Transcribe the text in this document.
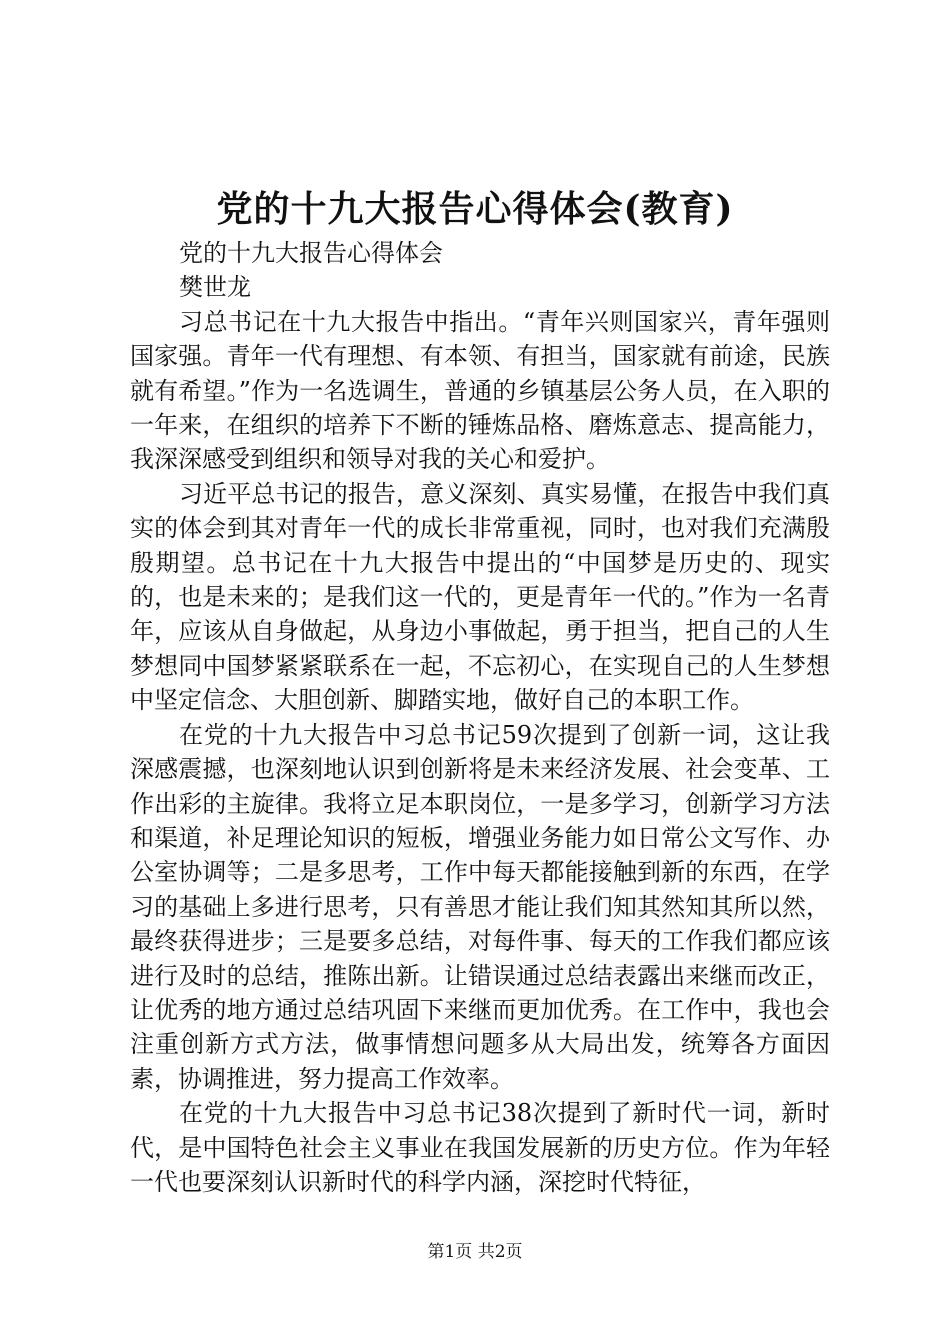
党的十九大报告心得体会(教育)

党的十九大报告心得体会

樊世龙

习总书记在十九大报告中指出。“青年兴则国家兴，青年强则国家强。青年一代有理想、有本领、有担当，国家就有前途，民族就有希望。”作为一名选调生，普通的乡镇基层公务人员，在入职的一年来，在组织的培养下不断的锤炼品格、磨炼意志、提高能力，我深深感受到组织和领导对我的关心和爱护。

习近平总书记的报告，意义深刻、真实易懂，在报告中我们真实的体会到其对青年一代的成长非常重视，同时，也对我们充满殷殷期望。总书记在十九大报告中提出的“中国梦是历史的、现实的，也是未来的；是我们这一代的，更是青年一代的。”作为一名青年，应该从自身做起，从身边小事做起，勇于担当，把自己的人生梦想同中国梦紧紧联系在一起，不忘初心，在实现自己的人生梦想中坚定信念、大胆创新、脚踏实地，做好自己的本职工作。

在党的十九大报告中习总书记59次提到了创新一词，这让我深感震撼，也深刻地认识到创新将是未来经济发展、社会变革、工作出彩的主旋律。我将立足本职岗位，一是多学习，创新学习方法和渠道，补足理论知识的短板，增强业务能力如日常公文写作、办公室协调等；二是多思考，工作中每天都能接触到新的东西，在学习的基础上多进行思考，只有善思才能让我们知其然知其所以然，最终获得进步；三是要多总结，对每件事、每天的工作我们都应该进行及时的总结，推陈出新。让错误通过总结表露出来继而改正，让优秀的地方通过总结巩固下来继而更加优秀。在工作中，我也会注重创新方式方法，做事情想问题多从大局出发，统筹各方面因素，协调推进，努力提高工作效率。

在党的十九大报告中习总书记38次提到了新时代一词，新时代，是中国特色社会主义事业在我国发展新的历史方位。作为年轻一代也要深刻认识新时代的科学内涵，深挖时代特征，

第1页 共2页
